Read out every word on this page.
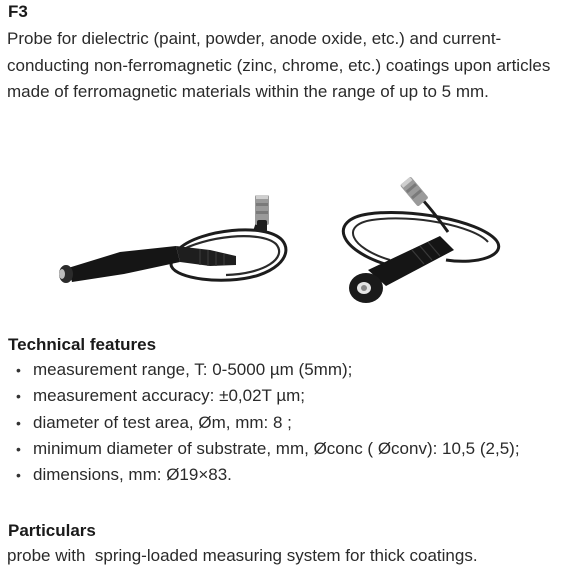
F3
Probe for dielectric (paint, powder, anode oxide, etc.) and current-conducting non-ferromagnetic (zinc, chrome, etc.) coatings upon articles made of ferromagnetic materials within the range of up to 5 mm.
Technical features
• measurement range, T: 0-5000 µm (5mm);
• measurement accuracy: ±0,02T µm;
• diameter of test area, Øm, mm: 8 ;
• minimum diameter of substrate, mm, Øconc ( Øconv): 10,5 (2,5);
• dimensions, mm: Ø19×83.
Particulars
probe with  spring-loaded measuring system for thick coatings.
